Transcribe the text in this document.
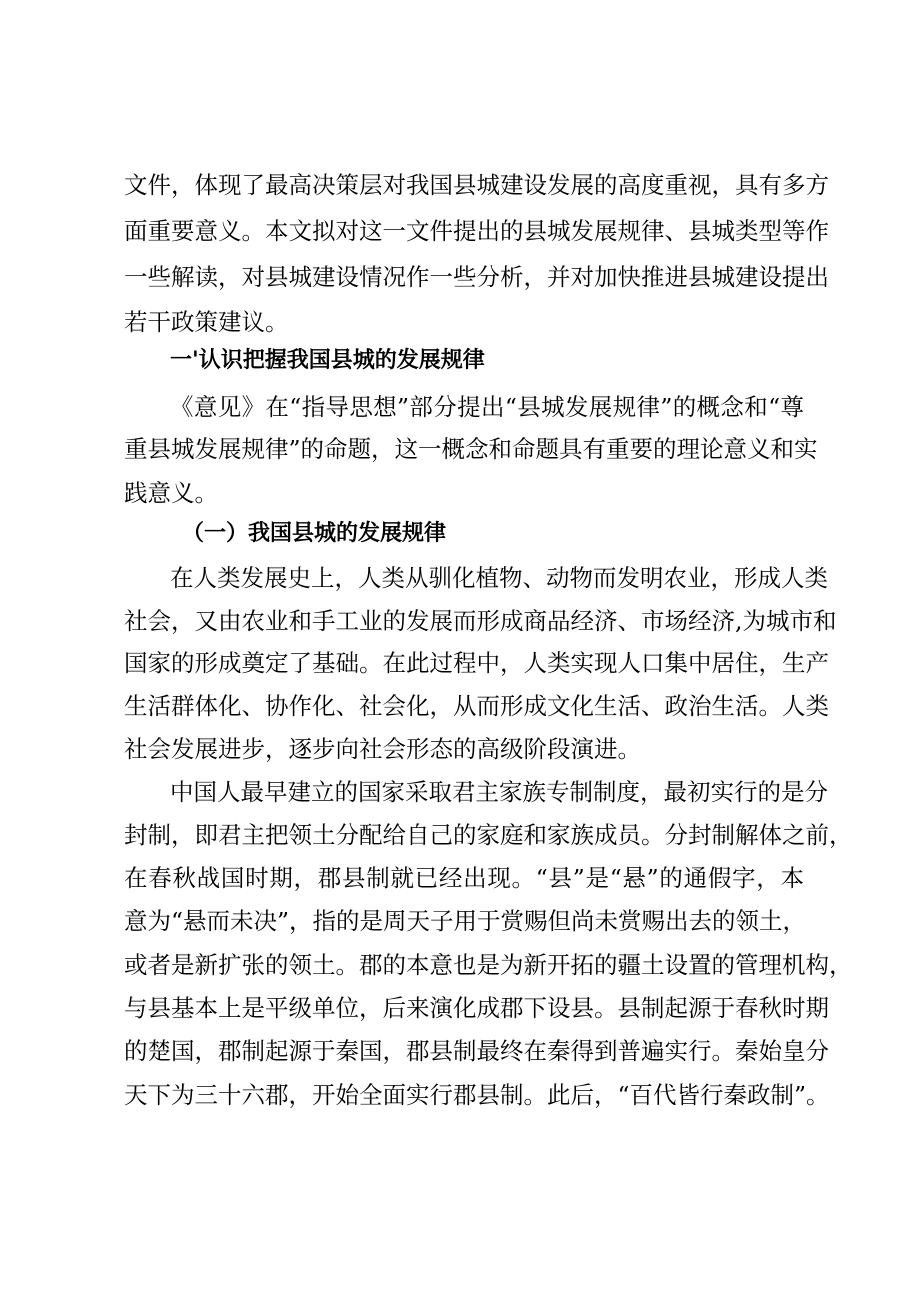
文件，体现了最高决策层对我国县城建设发展的高度重视，具有多方
面重要意义。本文拟对这一文件提出的县城发展规律、县城类型等作
一些解读，对县城建设情况作一些分析，并对加快推进县城建设提出
若干政策建议。
一'认识把握我国县城的发展规律
《意见》在“指导思想”部分提出“县城发展规律”的概念和“尊
重县城发展规律”的命题，这一概念和命题具有重要的理论意义和实
践意义。
（一）我国县城的发展规律
在人类发展史上，人类从驯化植物、动物而发明农业，形成人类
社会，又由农业和手工业的发展而形成商品经济、市场经济,为城市和
国家的形成奠定了基础。在此过程中，人类实现人口集中居住，生产
生活群体化、协作化、社会化，从而形成文化生活、政治生活。人类
社会发展进步，逐步向社会形态的高级阶段演进。
中国人最早建立的国家采取君主家族专制制度，最初实行的是分
封制，即君主把领土分配给自己的家庭和家族成员。分封制解体之前，
在春秋战国时期，郡县制就已经出现。“县”是“悬”的通假字，本
意为“悬而未决”，指的是周天子用于赏赐但尚未赏赐出去的领土，
或者是新扩张的领土。郡的本意也是为新开拓的疆土设置的管理机构，
与县基本上是平级单位，后来演化成郡下设县。县制起源于春秋时期
的楚国，郡制起源于秦国，郡县制最终在秦得到普遍实行。秦始皇分
天下为三十六郡，开始全面实行郡县制。此后，“百代皆行秦政制”。
